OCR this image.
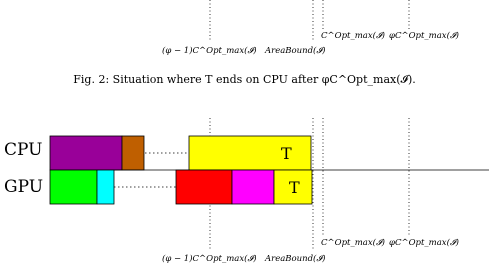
C^Opt_max(𝓘) φC^Opt_max(𝓘)
(φ − 1)C^Opt_max(𝓘) AreaBound(𝓘)
CPU
GPU
T
T
C^Opt_max(𝓘) φC^Opt_max(𝓘)
(φ − 1)C^Opt_max(𝓘) AreaBound(𝓘)
Fig. 2: Situation where T ends on CPU after φC^Opt_max(𝓘).
